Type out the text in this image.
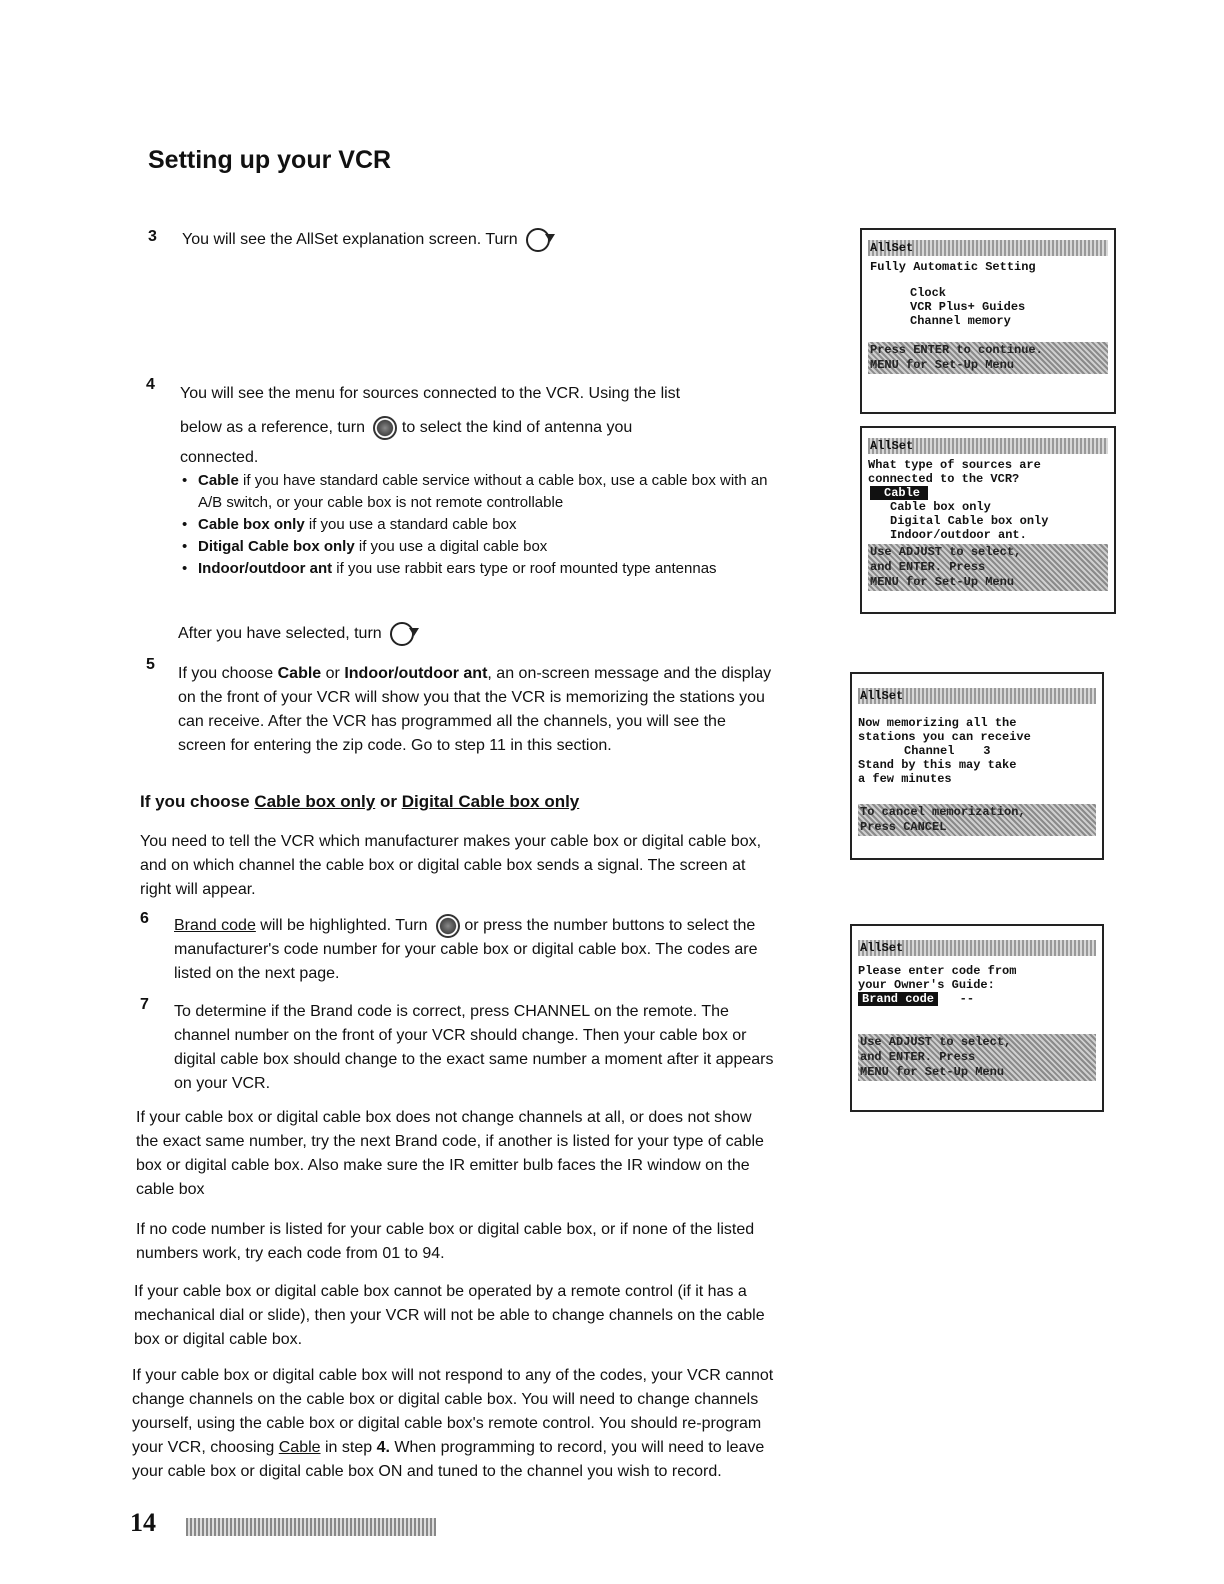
Setting up your VCR
3 You will see the AllSet explanation screen. Turn
4
You will see the menu for sources connected to the VCR. Using the list
below as a reference, turn to select the kind of antenna you
connected.
• Cable if you have standard cable service without a cable box, use a cable box with an A/B switch, or your cable box is not remote controllable
• Cable box only if you use a standard cable box
• Ditigal Cable box only if you use a digital cable box
• Indoor/outdoor ant if you use rabbit ears type or roof mounted type antennas
After you have selected, turn
5
If you choose Cable or Indoor/outdoor ant, an on-screen message and the display on the front of your VCR will show you that the VCR is memorizing the stations you can receive. After the VCR has programmed all the channels, you will see the screen for entering the zip code. Go to step 11 in this section.
If you choose Cable box only or Digital Cable box only
You need to tell the VCR which manufacturer makes your cable box or digital cable box, and on which channel the cable box or digital cable box sends a signal. The screen at right will appear.
6 Brand code will be highlighted. Turn or press the number buttons to select the manufacturer's code number for your cable box or digital cable box. The codes are listed on the next page.
7 To determine if the Brand code is correct, press CHANNEL on the remote. The channel number on the front of your VCR should change. Then your cable box or digital cable box should change to the exact same number a moment after it appears on your VCR.
If your cable box or digital cable box does not change channels at all, or does not show the exact same number, try the next Brand code, if another is listed for your type of cable box or digital cable box. Also make sure the IR emitter bulb faces the IR window on the cable box
If no code number is listed for your cable box or digital cable box, or if none of the listed numbers work, try each code from 01 to 94.
If your cable box or digital cable box cannot be operated by a remote control (if it has a mechanical dial or slide), then your VCR will not be able to change channels on the cable box or digital cable box.
If your cable box or digital cable box will not respond to any of the codes, your VCR cannot change channels on the cable box or digital cable box. You will need to change channels yourself, using the cable box or digital cable box's remote control. You should re-program your VCR, choosing Cable in step 4. When programming to record, you will need to leave your cable box or digital cable box ON and tuned to the channel you wish to record.
AllSet
Fully Automatic Setting
Clock
VCR Plus+ Guides
Channel memory
Press ENTER to continue.
MENU for Set-Up Menu
AllSet
What type of sources are
connected to the VCR?
Cable
Cable box only
Digital Cable box only
Indoor/outdoor ant.
Use ADJUST to select,
and ENTER. Press
MENU for Set-Up Menu
AllSet
Now memorizing all the
stations you can receive
Channel    3
Stand by this may take
a few minutes
To cancel memorization,
Press CANCEL
AllSet
Please enter code from
your Owner's Guide:
Brand code --
Use ADJUST to select,
and ENTER. Press
MENU for Set-Up Menu
14
